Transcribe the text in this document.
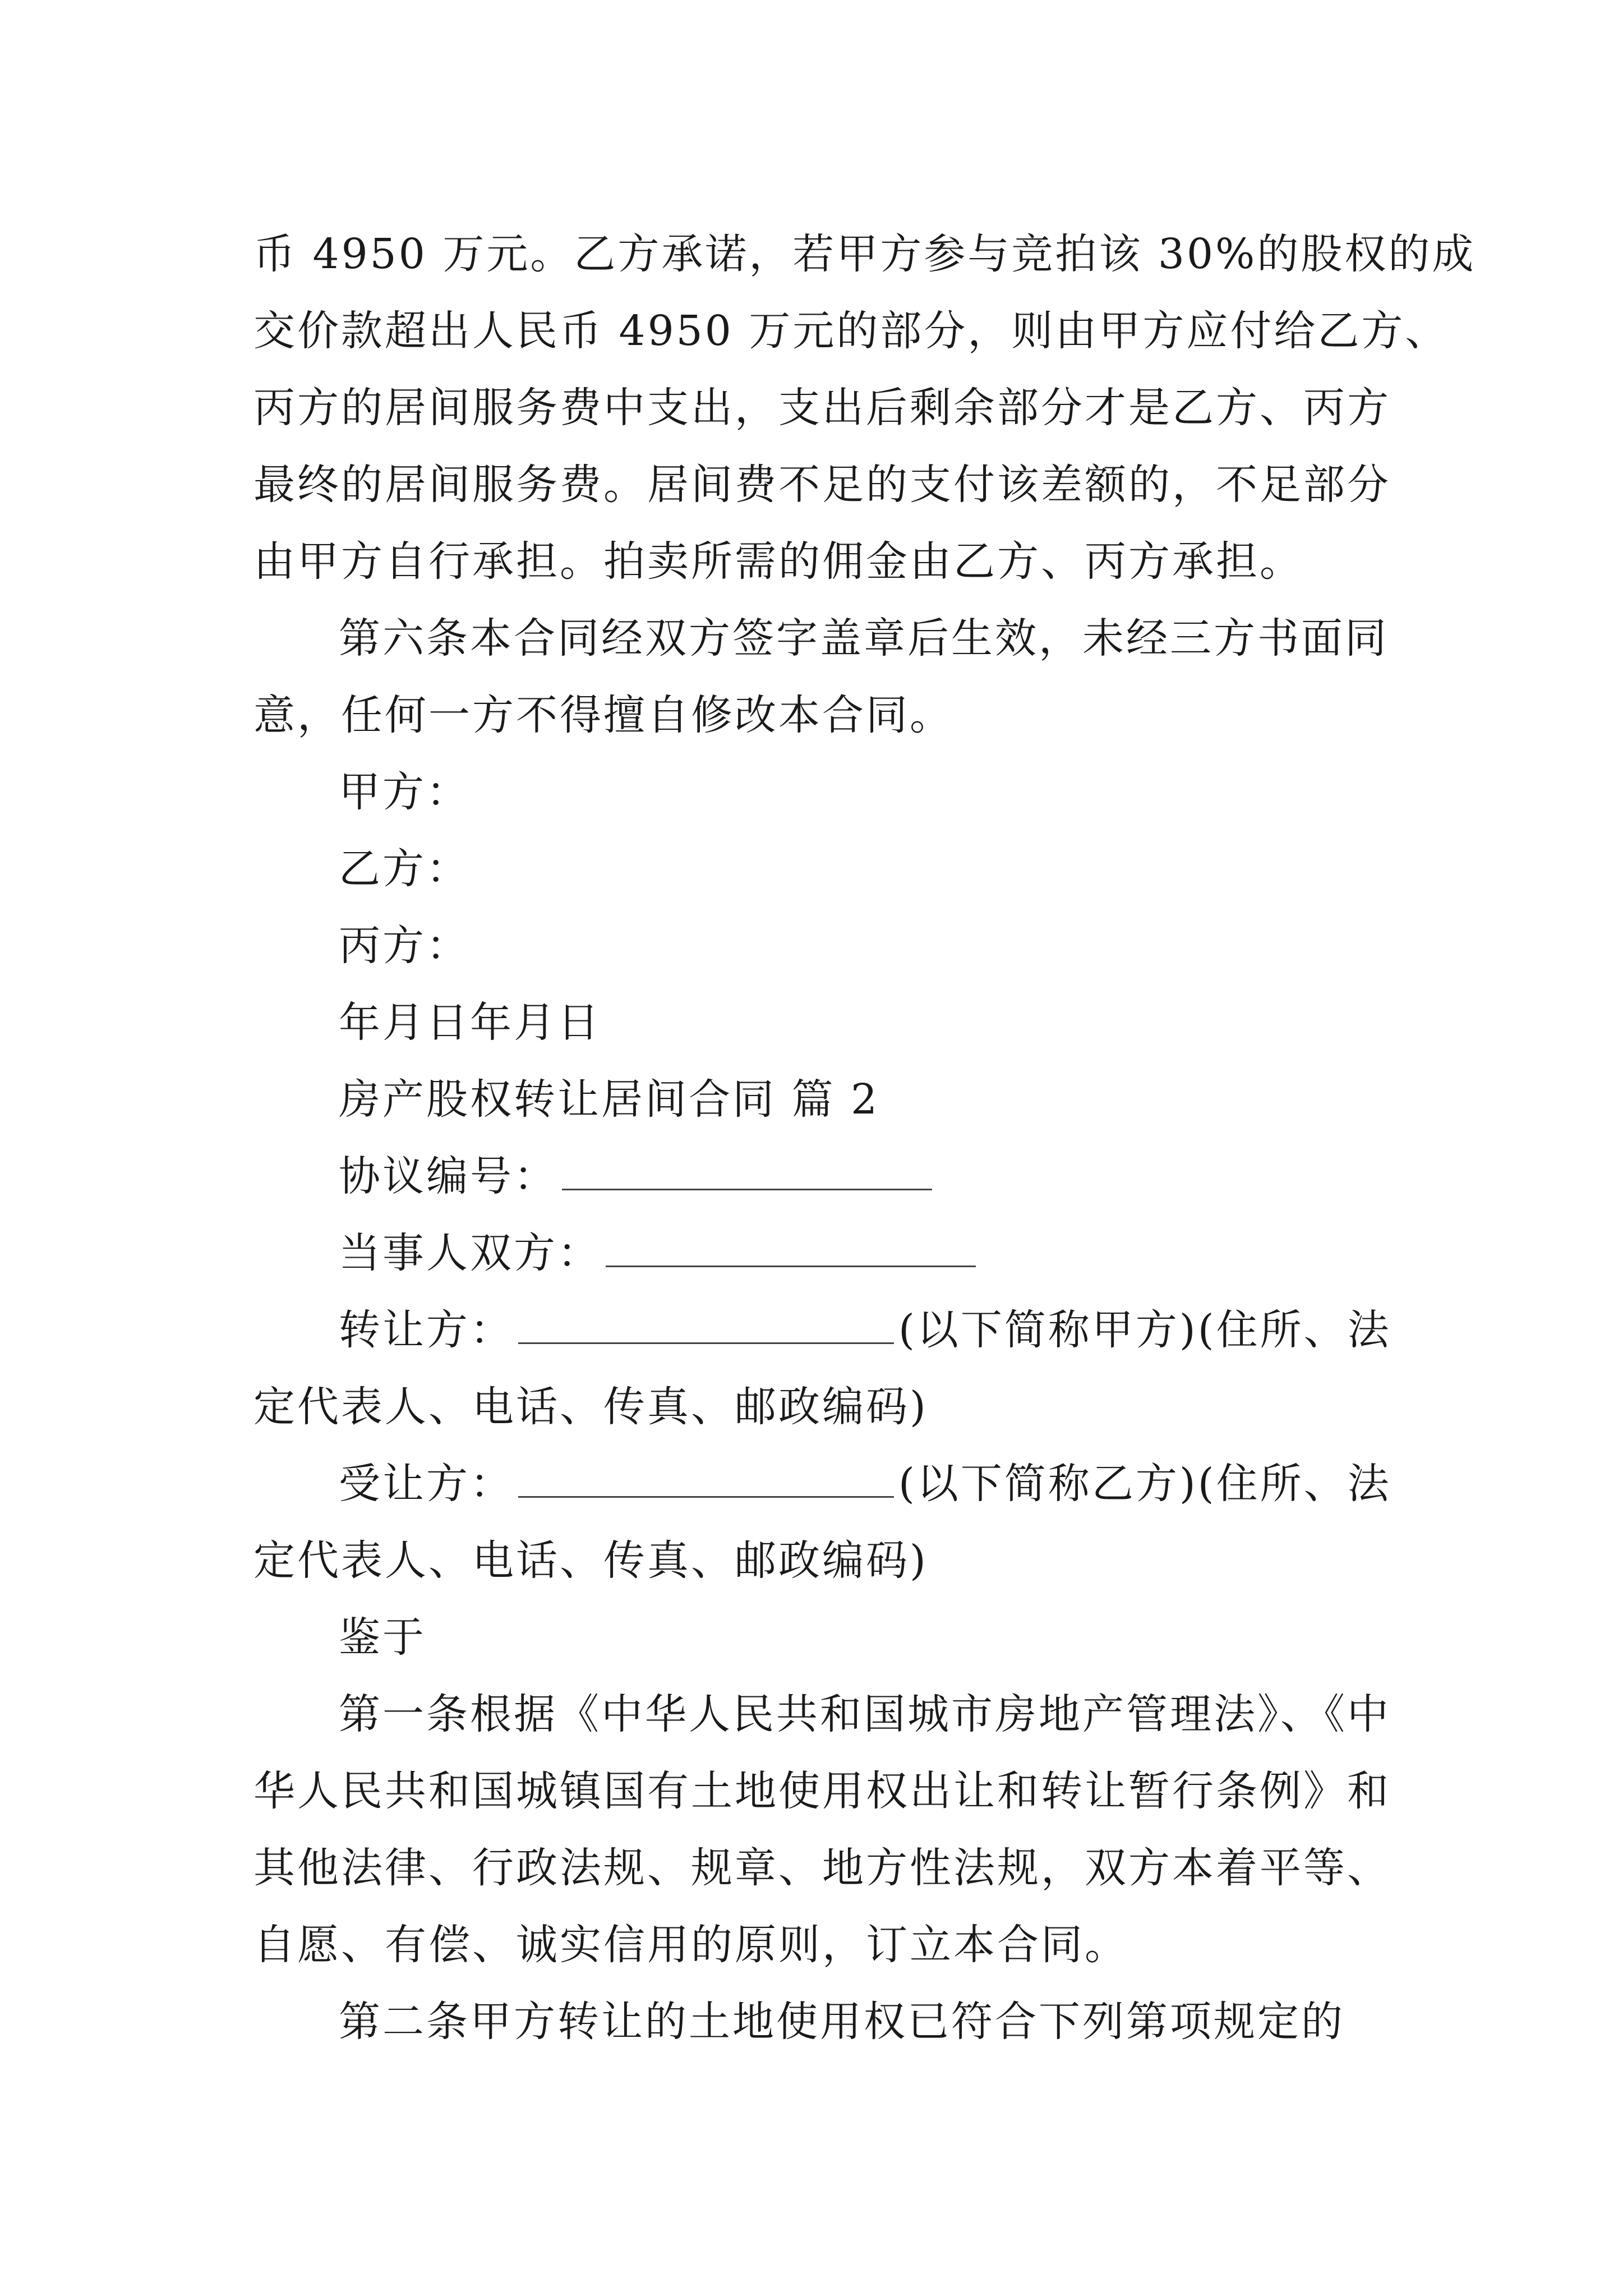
币 4950 万元。乙方承诺，若甲方参与竞拍该 30%的股权的成
交价款超出人民币 4950 万元的部分，则由甲方应付给乙方、
丙方的居间服务费中支出，支出后剩余部分才是乙方、丙方
最终的居间服务费。居间费不足的支付该差额的，不足部分
由甲方自行承担。拍卖所需的佣金由乙方、丙方承担。
第六条本合同经双方签字盖章后生效，未经三方书面同
意，任何一方不得擅自修改本合同。
甲方：
乙方：
丙方：
年月日年月日
房产股权转让居间合同 篇 2
协议编号：
当事人双方：
转让方：	(以下简称甲方)(住所、法
定代表人、电话、传真、邮政编码)
受让方：	(以下简称乙方)(住所、法
定代表人、电话、传真、邮政编码)
鉴于
第一条根据《中华人民共和国城市房地产管理法》、《中
华人民共和国城镇国有土地使用权出让和转让暂行条例》和
其他法律、行政法规、规章、地方性法规，双方本着平等、
自愿、有偿、诚实信用的原则，订立本合同。
第二条甲方转让的土地使用权已符合下列第项规定的
